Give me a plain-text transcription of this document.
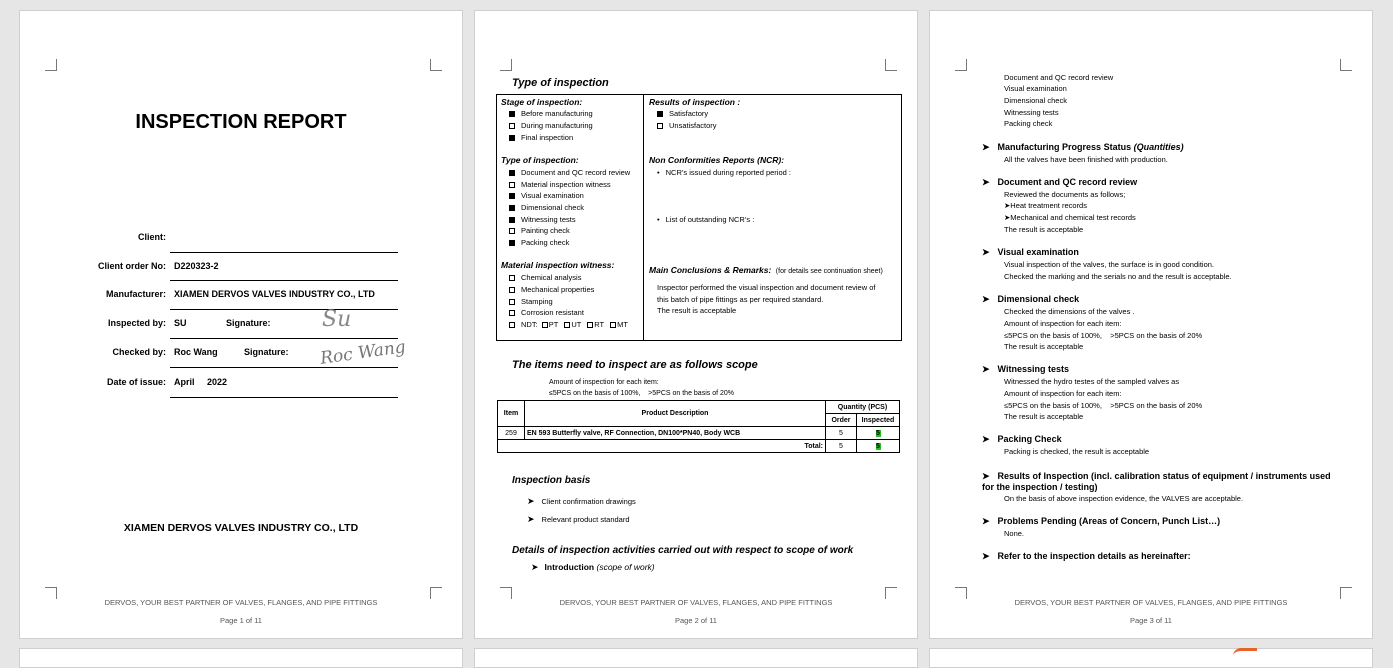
INSPECTION REPORT
Client:
Client order No: D220323-2
Manufacturer: XIAMEN DERVOS VALVES INDUSTRY CO., LTD
Inspected by: SU	Signature: Su
Checked by: Roc Wang	Signature: Roc Wang
Date of issue: April     2022
XIAMEN DERVOS VALVES INDUSTRY CO., LTD
DERVOS, YOUR BEST PARTNER OF VALVES, FLANGES, AND PIPE FITTINGS
Page 1 of 11
Type of inspection
Stage of inspection:
Before manufacturing
During manufacturing
Final inspection
Type of inspection:
Document and QC record review
Material inspection witness
Visual examination
Dimensional check
Witnessing tests
Painting check
Packing check
Material inspection witness:
Chemical analysis
Mechanical properties
Stamping
Corrosion resistant
NDT: PT UT RT MT
Results of inspection :
Satisfactory
Unsatisfactory
Non Conformities Reports (NCR):
• NCR’s issued during reported period :
• List of outstanding NCR’s :
Main Conclusions & Remarks: (for details see continuation sheet)
Inspector performed the visual inspection and document review of
this batch of pipe fittings as per required standard.
The result is acceptable
The items need to inspect are as follows scope
Amount of inspection for each item:
≤5PCS on the basis of 100%,    >5PCS on the basis of 20%
Item	Product Description	Quantity (PCS)	
		Order	Inspected
259	EN 593 Butterfly valve, RF Connection, DN100*PN40, Body WCB	5	5
Total:		5	5
Inspection basis
➤ Client confirmation drawings
➤ Relevant product standard
Details of inspection activities carried out with respect to scope of work
➤ Introduction (scope of work)
DERVOS, YOUR BEST PARTNER OF VALVES, FLANGES, AND PIPE FITTINGS
Page 2 of 11
Document and QC record review
Visual examination
Dimensional check
Witnessing tests
Packing check
➤ Manufacturing Progress Status (Quantities)
All the valves have been finished with production.
➤ Document and QC record review
Reviewed the documents as follows;
➤Heat treatment records
➤Mechanical and chemical test records
The result is acceptable
➤ Visual examination
Visual inspection of the valves, the surface is in good condition.
Checked the marking and the serials no and the result is acceptable.
➤ Dimensional check
Checked the dimensions of the valves .
Amount of inspection for each item:
≤5PCS on the basis of 100%,    >5PCS on the basis of 20%
The result is acceptable
➤ Witnessing tests
Witnessed the hydro testes of the sampled valves as
Amount of inspection for each item:
≤5PCS on the basis of 100%,    >5PCS on the basis of 20%
The result is acceptable
➤ Packing Check
Packing is checked, the result is acceptable
➤ Results of Inspection (incl. calibration status of equipment / instruments used
for the inspection / testing)
On the basis of above inspection evidence, the VALVES are acceptable.
➤ Problems Pending (Areas of Concern, Punch List…)
None.
➤ Refer to the inspection details as hereinafter:
DERVOS, YOUR BEST PARTNER OF VALVES, FLANGES, AND PIPE FITTINGS
Page 3 of 11
